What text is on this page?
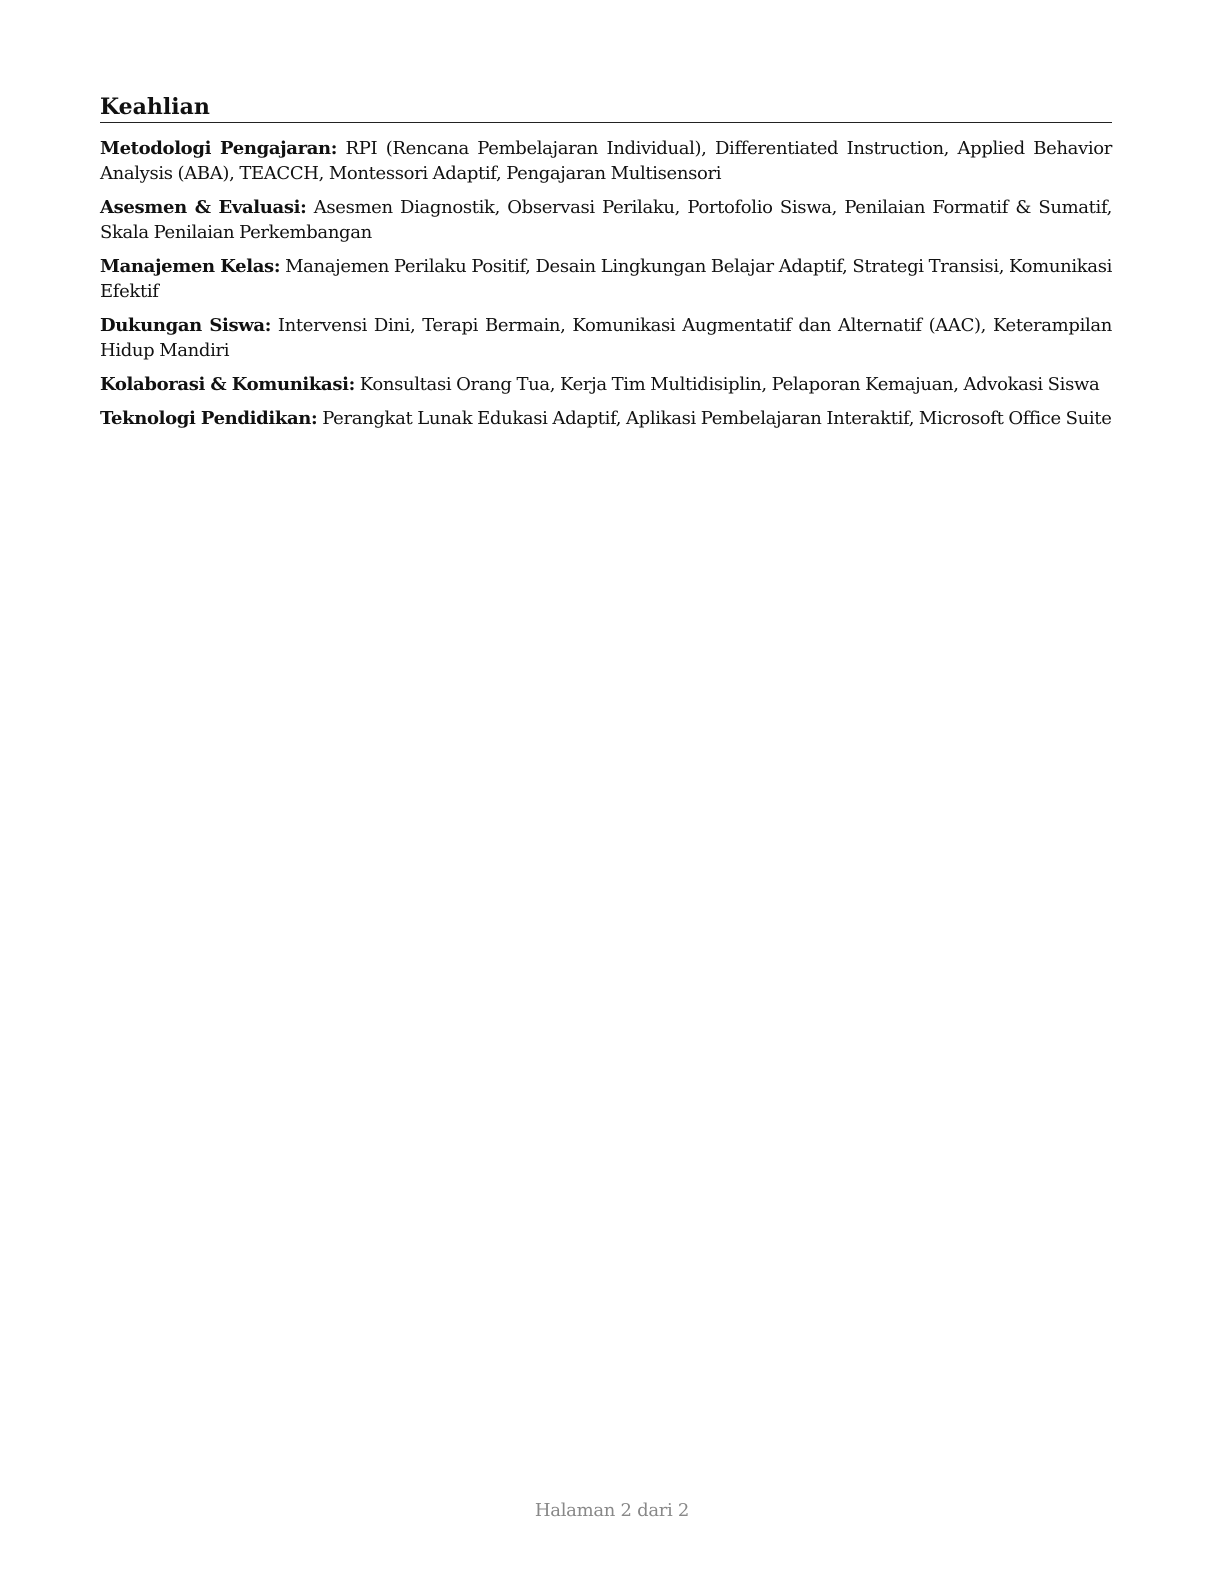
Keahlian

Metodologi Pengajaran: RPI (Rencana Pembelajaran Individual), Differentiated Instruction, Applied Behavior Analysis (ABA), TEACCH, Montessori Adaptif, Pengajaran Multisensori

Asesmen & Evaluasi: Asesmen Diagnostik, Observasi Perilaku, Portofolio Siswa, Penilaian Formatif & Sumatif, Skala Penilaian Perkembangan

Manajemen Kelas: Manajemen Perilaku Positif, Desain Lingkungan Belajar Adaptif, Strategi Transisi, Komunikasi Efektif

Dukungan Siswa: Intervensi Dini, Terapi Bermain, Komunikasi Augmentatif dan Alternatif (AAC), Keterampilan Hidup Mandiri

Kolaborasi & Komunikasi: Konsultasi Orang Tua, Kerja Tim Multidisiplin, Pelaporan Kemajuan, Advokasi Siswa

Teknologi Pendidikan: Perangkat Lunak Edukasi Adaptif, Aplikasi Pembelajaran Interaktif, Microsoft Office Suite

Halaman 2 dari 2
